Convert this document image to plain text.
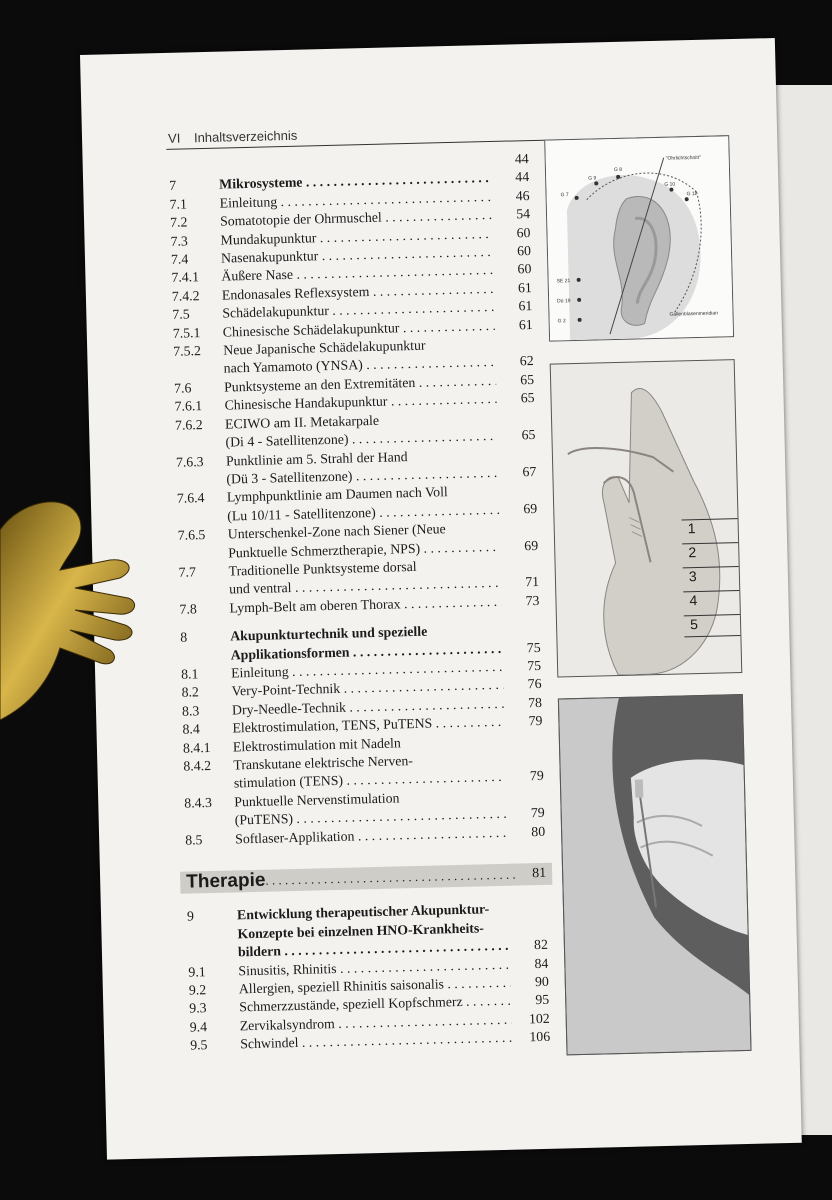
VI Inhaltsverzeichnis
44
7	Mikrosysteme . . .	44
7.1	Einleitung . . .	46
7.2	Somatotopie der Ohrmuschel . . .	54
7.3	Mundakupunktur . . .	60
7.4	Nasenakupunktur . . .	60
7.4.1	Äußere Nase . . .	60
7.4.2	Endonasales Reflexsystem . . .	61
7.5	Schädelakupunktur . . .	61
7.5.1	Chinesische Schädelakupunktur . . .	61
7.5.2	Neue Japanische Schädelakupunktur
nach Yamamoto (YNSA) . . .	62
7.6	Punktsysteme an den Extremitäten . . .	65
7.6.1	Chinesische Handakupunktur . . .	65
7.6.2	ECIWO am II. Metakarpale
(Di 4 - Satellitenzone) . . .	65
7.6.3	Punktlinie am 5. Strahl der Hand
(Dü 3 - Satellitenzone) . . .	67
7.6.4	Lymphpunktlinie am Daumen nach Voll
(Lu 10/11 - Satellitenzone) . . .	69
7.6.5	Unterschenkel-Zone nach Siener (Neue
Punktuelle Schmerztherapie, NPS) . . .	69
7.7	Traditionelle Punktsysteme dorsal
und ventral . . .	71
7.8	Lymph-Belt am oberen Thorax . . .	73
8	Akupunkturtechnik und spezielle
Applikationsformen . . .	75
8.1	Einleitung . . .	75
8.2	Very-Point-Technik . . .	76
8.3	Dry-Needle-Technik . . .	78
8.4	Elektrostimulation, TENS, PuTENS . . .	79
8.4.1	Elektrostimulation mit Nadeln
8.4.2	Transkutane elektrische Nerven-
stimulation (TENS) . . .	79
8.4.3	Punktuelle Nervenstimulation
(PuTENS) . . .	79
8.5	Softlaser-Applikation . . .	80
Therapie . . .	81
9	Entwicklung therapeutischer Akupunktur-
Konzepte bei einzelnen HNO-Krankheits-
bildern . . .	82
9.1	Sinusitis, Rhinitis . . .	84
9.2	Allergien, speziell Rhinitis saisonalis . . .	90
9.3	Schmerzzustände, speziell Kopfschmerz . . .	95
9.4	Zervikalsyndrom . . .	102
9.5	Schwindel . . .	106
"Ohrlichtschnitt"
G 8
G 9
G 7
G 10
G 11
SE 21
Dü 19
G 2
Gallenblasenmeridian
1
2
3
4
5
